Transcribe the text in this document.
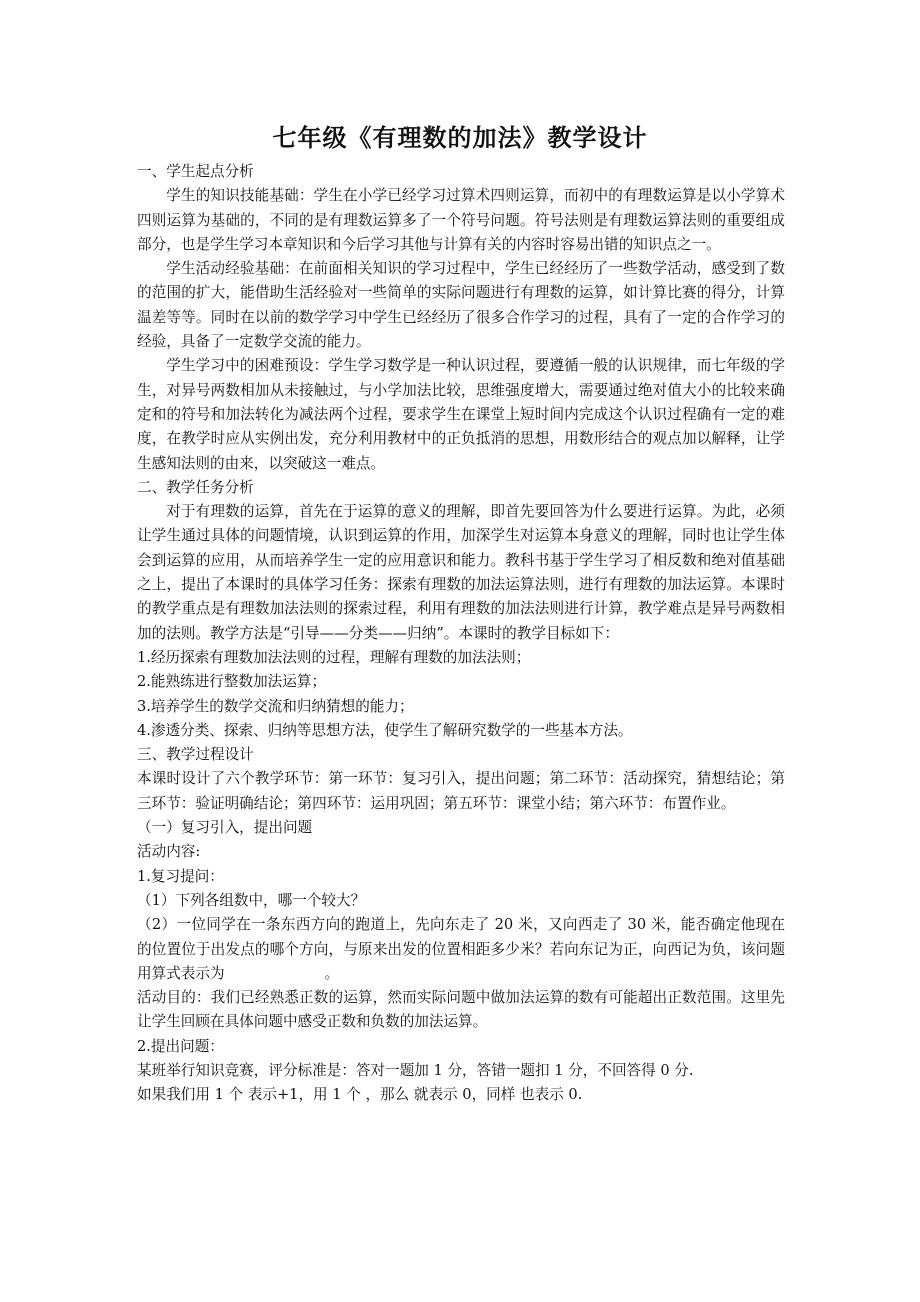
七年级《有理数的加法》教学设计

一、学生起点分析

学生的知识技能基础：学生在小学已经学习过算术四则运算，而初中的有理数运算是以小学算术四则运算为基础的，不同的是有理数运算多了一个符号问题。符号法则是有理数运算法则的重要组成部分，也是学生学习本章知识和今后学习其他与计算有关的内容时容易出错的知识点之一。

学生活动经验基础：在前面相关知识的学习过程中，学生已经经历了一些数学活动，感受到了数的范围的扩大，能借助生活经验对一些简单的实际问题进行有理数的运算，如计算比赛的得分，计算温差等等。同时在以前的数学学习中学生已经经历了很多合作学习的过程，具有了一定的合作学习的经验，具备了一定数学交流的能力。

学生学习中的困难预设：学生学习数学是一种认识过程，要遵循一般的认识规律，而七年级的学生，对异号两数相加从未接触过，与小学加法比较，思维强度增大，需要通过绝对值大小的比较来确定和的符号和加法转化为减法两个过程，要求学生在课堂上短时间内完成这个认识过程确有一定的难度，在教学时应从实例出发，充分利用教材中的正负抵消的思想，用数形结合的观点加以解释，让学生感知法则的由来，以突破这一难点。

二、教学任务分析

对于有理数的运算，首先在于运算的意义的理解，即首先要回答为什么要进行运算。为此，必须让学生通过具体的问题情境，认识到运算的作用，加深学生对运算本身意义的理解，同时也让学生体会到运算的应用，从而培养学生一定的应用意识和能力。教科书基于学生学习了相反数和绝对值基础之上，提出了本课时的具体学习任务：探索有理数的加法运算法则，进行有理数的加法运算。本课时的教学重点是有理数加法法则的探索过程，利用有理数的加法法则进行计算，教学难点是异号两数相加的法则。教学方法是“引导——分类——归纳”。本课时的教学目标如下：

1.经历探索有理数加法法则的过程，理解有理数的加法法则；

2.能熟练进行整数加法运算；

3.培养学生的数学交流和归纳猜想的能力；

4.渗透分类、探索、归纳等思想方法，使学生了解研究数学的一些基本方法。

三、教学过程设计

本课时设计了六个教学环节：第一环节：复习引入，提出问题；第二环节：活动探究，猜想结论；第三环节：验证明确结论；第四环节：运用巩固；第五环节：课堂小结；第六环节：布置作业。

（一）复习引入，提出问题

活动内容:

1.复习提问：

（1）下列各组数中，哪一个较大？

（2）一位同学在一条东西方向的跑道上，先向东走了 20 米，又向西走了 30 米，能否确定他现在的位置位于出发点的哪个方向，与原来出发的位置相距多少米？若向东记为正，向西记为负，该问题用算式表示为	。

活动目的：我们已经熟悉正数的运算，然而实际问题中做加法运算的数有可能超出正数范围。这里先让学生回顾在具体问题中感受正数和负数的加法运算。

2.提出问题：

某班举行知识竞赛，评分标准是：答对一题加 1 分，答错一题扣 1 分，不回答得 0 分.

如果我们用 1 个 表示+1，用 1 个 ，那么 就表示 0，同样 也表示 0.
